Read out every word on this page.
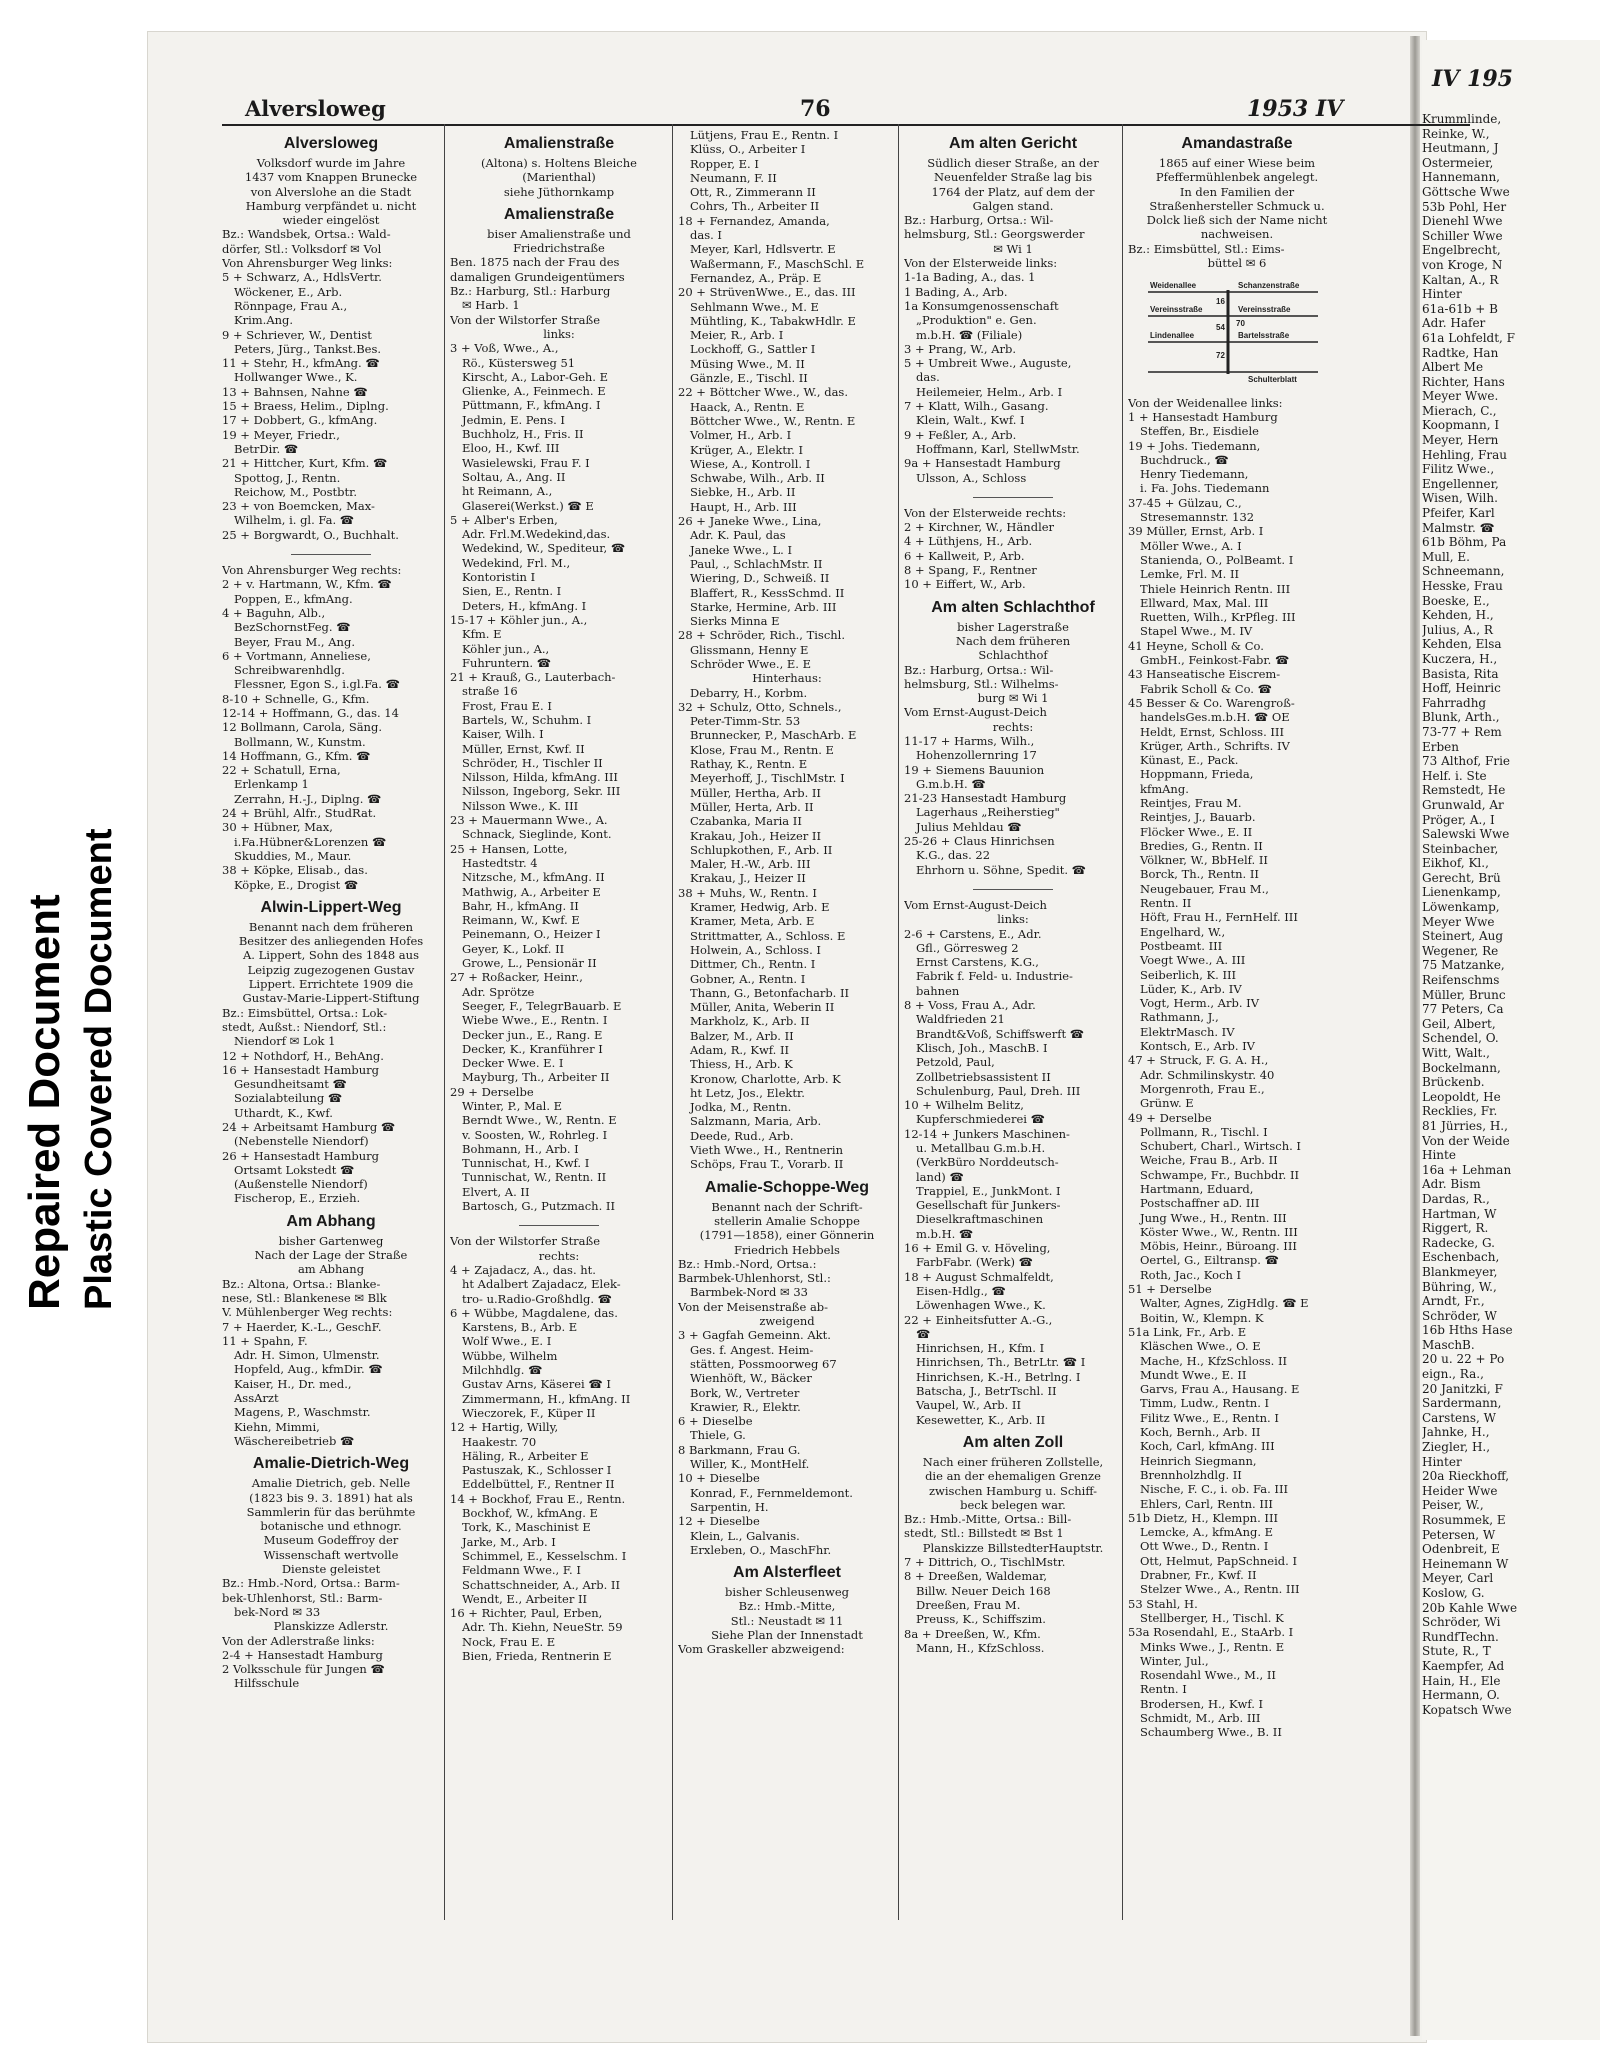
Repaired Document Plastic Covered Document
IV 195
Krummlinde,
Reinke, W.,
Heutmann, J
Ostermeier,
Hannemann,
Göttsche Wwe
53b Pohl, Her
Dienehl Wwe
Schiller Wwe
Engelbrecht,
von Kroge, N
Kaltan, A., R
Hinter
61a-61b + B
Adr. Hafer
61a Lohfeldt, F
Radtke, Han
Albert Me
Richter, Hans
Meyer Wwe.
Mierach, C.,
Koopmann, I
Meyer, Hern
Hehling, Frau
Filitz Wwe.,
Engellenner,
Wisen, Wilh.
Pfeifer, Karl
Malmstr. ☎
61b Böhm, Pa
Mull, E.
Schneemann,
Hesske, Frau
Boeske, E.,
Kehden, H.,
Julius, A., R
Kehden, Elsa
Kuczera, H.,
Basista, Rita
Hoff, Heinric
Fahrradhg
Blunk, Arth.,
73-77 + Rem
Erben
73 Althof, Frie
Helf. i. Ste
Remstedt, He
Grunwald, Ar
Pröger, A., I
Salewski Wwe
Steinbacher,
Eikhof, Kl.,
Gerecht, Brü
Lienenkamp,
Löwenkamp,
Meyer Wwe
Steinert, Aug
Wegener, Re
75 Matzanke,
Reifenschms
Müller, Brunc
77 Peters, Ca
Geil, Albert,
Schendel, O.
Witt, Walt.,
Bockelmann,
Brückenb.
Leopoldt, He
Recklies, Fr.
81 Jürries, H.,
Von der Weide
Hinte
16a + Lehman
Adr. Bism
Dardas, R.,
Hartman, W
Riggert, R.
Radecke, G.
Eschenbach,
Blankmeyer,
Bühring, W.,
Arndt, Fr.,
Schröder, W
16b Hths Hase
MaschB.
20 u. 22 + Po
eign., Ra.,
20 Janitzki, F
Sardermann,
Carstens, W
Jahnke, H.,
Ziegler, H.,
Hinter
20a Rieckhoff,
Heider Wwe
Peiser, W.,
Rosummek, E
Petersen, W
Odenbreit, E
Heinemann W
Meyer, Carl
Koslow, G.
20b Kahle Wwe
Schröder, Wi
RundfTechn.
Stute, R., T
Kaempfer, Ad
Hain, H., Ele
Hermann, O.
Kopatsch Wwe
Alversloweg	76	1953 IV
Alversloweg
Volksdorf wurde im Jahre
1437 vom Knappen Brunecke
von Alverslohe an die Stadt
Hamburg verpfändet u. nicht
wieder eingelöst
Bz.: Wandsbek, Ortsa.: Wald-
dörfer, Stl.: Volksdorf ✉ Vol
Von Ahrensburger Weg links:
5 + Schwarz, A., HdlsVertr.
Wöckener, E., Arb.
Rönnpage, Frau A.,
Krim.Ang.
9 + Schriever, W., Dentist
Peters, Jürg., Tankst.Bes.
11 + Stehr, H., kfmAng. ☎
Hollwanger Wwe., K.
13 + Bahnsen, Nahne ☎
15 + Braess, Helim., Diplng.
17 + Dobbert, G., kfmAng.
19 + Meyer, Friedr.,
BetrDir. ☎
21 + Hittcher, Kurt, Kfm. ☎
Spottog, J., Rentn.
Reichow, M., Postbtr.
23 + von Boemcken, Max-
Wilhelm, i. gl. Fa. ☎
25 + Borgwardt, O., Buchhalt.
Von Ahrensburger Weg rechts:
2 + v. Hartmann, W., Kfm. ☎
Poppen, E., kfmAng.
4 + Baguhn, Alb.,
BezSchornstFeg. ☎
Beyer, Frau M., Ang.
6 + Vortmann, Anneliese,
Schreibwarenhdlg.
Flessner, Egon S., i.gl.Fa. ☎
8-10 + Schnelle, G., Kfm.
12-14 + Hoffmann, G., das. 14
12 Bollmann, Carola, Säng.
Bollmann, W., Kunstm.
14 Hoffmann, G., Kfm. ☎
22 + Schatull, Erna,
Erlenkamp 1
Zerrahn, H.-J., Diplng. ☎
24 + Brühl, Alfr., StudRat.
30 + Hübner, Max,
i.Fa.Hübner&Lorenzen ☎
Skuddies, M., Maur.
38 + Köpke, Elisab., das.
Köpke, E., Drogist ☎
Alwin-Lippert-Weg
Benannt nach dem früheren
Besitzer des anliegenden Hofes
A. Lippert, Sohn des 1848 aus
Leipzig zugezogenen Gustav
Lippert. Errichtete 1909 die
Gustav-Marie-Lippert-Stiftung
Bz.: Eimsbüttel, Ortsa.: Lok-
stedt, Außst.: Niendorf, Stl.:
Niendorf ✉ Lok 1
12 + Nothdorf, H., BehAng.
16 + Hansestadt Hamburg
Gesundheitsamt ☎
Sozialabteilung ☎
Uthardt, K., Kwf.
24 + Arbeitsamt Hamburg ☎
(Nebenstelle Niendorf)
26 + Hansestadt Hamburg
Ortsamt Lokstedt ☎
(Außenstelle Niendorf)
Fischerop, E., Erzieh.
Am Abhang
bisher Gartenweg
Nach der Lage der Straße
am Abhang
Bz.: Altona, Ortsa.: Blanke-
nese, Stl.: Blankenese ✉ Blk
V. Mühlenberger Weg rechts:
7 + Haerder, K.-L., GeschF.
11 + Spahn, F.
Adr. H. Simon, Ulmenstr.
Hopfeld, Aug., kfmDir. ☎
Kaiser, H., Dr. med.,
AssArzt
Magens, P., Waschmstr.
Kiehn, Mimmi,
Wäschereibetrieb ☎
Amalie-Dietrich-Weg
Amalie Dietrich, geb. Nelle
(1823 bis 9. 3. 1891) hat als
Sammlerin für das berühmte
botanische und ethnogr.
Museum Godeffroy der
Wissenschaft wertvolle
Dienste geleistet
Bz.: Hmb.-Nord, Ortsa.: Barm-
bek-Uhlenhorst, Stl.: Barm-
bek-Nord ✉ 33
Planskizze Adlerstr.
Von der Adlerstraße links:
2-4 + Hansestadt Hamburg
2 Volksschule für Jungen ☎
Hilfsschule
Amalienstraße
(Altona) s. Holtens Bleiche
(Marienthal)
siehe Jüthornkamp
Amalienstraße
biser Amalienstraße und
Friedrichstraße
Ben. 1875 nach der Frau des
damaligen Grundeigentümers
Bz.: Harburg, Stl.: Harburg
✉ Harb. 1
Von der Wilstorfer Straße
links:
3 + Voß, Wwe., A.,
Rö., Küstersweg 51
Kirscht, A., Labor-Geh. E
Glienke, A., Feinmech. E
Püttmann, F., kfmAng. I
Jedmin, E. Pens. I
Buchholz, H., Fris. II
Eloo, H., Kwf. III
Wasielewski, Frau F. I
Soltau, A., Ang. II
ht Reimann, A.,
Glaserei(Werkst.) ☎ E
5 + Alber's Erben,
Adr. Frl.M.Wedekind,das.
Wedekind, W., Spediteur, ☎
Wedekind, Frl. M.,
Kontoristin I
Sien, E., Rentn. I
Deters, H., kfmAng. I
15-17 + Köhler jun., A.,
Kfm. E
Köhler jun., A.,
Fuhruntern. ☎
21 + Krauß, G., Lauterbach-
straße 16
Frost, Frau E. I
Bartels, W., Schuhm. I
Kaiser, Wilh. I
Müller, Ernst, Kwf. II
Schröder, H., Tischler II
Nilsson, Hilda, kfmAng. III
Nilsson, Ingeborg, Sekr. III
Nilsson Wwe., K. III
23 + Mauermann Wwe., A.
Schnack, Sieglinde, Kont.
25 + Hansen, Lotte,
Hastedtstr. 4
Nitzsche, M., kfmAng. II
Mathwig, A., Arbeiter E
Bahr, H., kfmAng. II
Reimann, W., Kwf. E
Peinemann, O., Heizer I
Geyer, K., Lokf. II
Growe, L., Pensionär II
27 + Roßacker, Heinr.,
Adr. Sprötze
Seeger, F., TelegrBauarb. E
Wiebe Wwe., E., Rentn. I
Decker jun., E., Rang. E
Decker, K., Kranführer I
Decker Wwe. E. I
Mayburg, Th., Arbeiter II
29 + Derselbe
Winter, P., Mal. E
Berndt Wwe., W., Rentn. E
v. Soosten, W., Rohrleg. I
Bohmann, H., Arb. I
Tunnischat, H., Kwf. I
Tunnischat, W., Rentn. II
Elvert, A. II
Bartosch, G., Putzmach. II
Von der Wilstorfer Straße
rechts:
4 + Zajadacz, A., das. ht.
ht Adalbert Zajadacz, Elek-
tro- u.Radio-Großhdlg. ☎
6 + Wübbe, Magdalene, das.
Karstens, B., Arb. E
Wolf Wwe., E. I
Wübbe, Wilhelm
Milchhdlg. ☎
Gustav Arns, Käserei ☎ I
Zimmermann, H., kfmAng. II
Wieczorek, F., Küper II
12 + Hartig, Willy,
Haakestr. 70
Häling, R., Arbeiter E
Pastuszak, K., Schlosser I
Eddelbüttel, F., Rentner II
14 + Bockhof, Frau E., Rentn.
Bockhof, W., kfmAng. E
Tork, K., Maschinist E
Jarke, M., Arb. I
Schimmel, E., Kesselschm. I
Feldmann Wwe., F. I
Schattschneider, A., Arb. II
Wendt, E., Arbeiter II
16 + Richter, Paul, Erben,
Adr. Th. Kiehn, NeueStr. 59
Nock, Frau E. E
Bien, Frieda, Rentnerin E
Lütjens, Frau E., Rentn. I
Klüss, O., Arbeiter I
Ropper, E. I
Neumann, F. II
Ott, R., Zimmerann II
Cohrs, Th., Arbeiter II
18 + Fernandez, Amanda,
das. I
Meyer, Karl, Hdlsvertr. E
Waßermann, F., MaschSchl. E
Fernandez, A., Präp. E
20 + StrüvenWwe., E., das. III
Sehlmann Wwe., M. E
Mühtling, K., TabakwHdlr. E
Meier, R., Arb. I
Lockhoff, G., Sattler I
Müsing Wwe., M. II
Gänzle, E., Tischl. II
22 + Böttcher Wwe., W., das.
Haack, A., Rentn. E
Böttcher Wwe., W., Rentn. E
Volmer, H., Arb. I
Krüger, A., Elektr. I
Wiese, A., Kontroll. I
Schwabe, Wilh., Arb. II
Siebke, H., Arb. II
Haupt, H., Arb. III
26 + Janeke Wwe., Lina,
Adr. K. Paul, das
Janeke Wwe., L. I
Paul, ., SchlachMstr. II
Wiering, D., Schweiß. II
Blaffert, R., KessSchmd. II
Starke, Hermine, Arb. III
Sierks Minna E
28 + Schröder, Rich., Tischl.
Glissmann, Henny E
Schröder Wwe., E. E
Hinterhaus:
Debarry, H., Korbm.
32 + Schulz, Otto, Schnels.,
Peter-Timm-Str. 53
Brunnecker, P., MaschArb. E
Klose, Frau M., Rentn. E
Rathay, K., Rentn. E
Meyerhoff, J., TischlMstr. I
Müller, Hertha, Arb. II
Müller, Herta, Arb. II
Czabanka, Maria II
Krakau, Joh., Heizer II
Schlupkothen, F., Arb. II
Maler, H.-W., Arb. III
Krakau, J., Heizer II
38 + Muhs, W., Rentn. I
Kramer, Hedwig, Arb. E
Kramer, Meta, Arb. E
Strittmatter, A., Schloss. E
Holwein, A., Schloss. I
Dittmer, Ch., Rentn. I
Gobner, A., Rentn. I
Thann, G., Betonfacharb. II
Müller, Anita, Weberin II
Markholz, K., Arb. II
Balzer, M., Arb. II
Adam, R., Kwf. II
Thiess, H., Arb. K
Kronow, Charlotte, Arb. K
ht Letz, Jos., Elektr.
Jodka, M., Rentn.
Salzmann, Maria, Arb.
Deede, Rud., Arb.
Vieth Wwe., H., Rentnerin
Schöps, Frau T., Vorarb. II
Amalie-Schoppe-Weg
Benannt nach der Schrift-
stellerin Amalie Schoppe
(1791—1858), einer Gönnerin
Friedrich Hebbels
Bz.: Hmb.-Nord, Ortsa.:
Barmbek-Uhlenhorst, Stl.:
Barmbek-Nord ✉ 33
Von der Meisenstraße ab-
zweigend
3 + Gagfah Gemeinn. Akt.
Ges. f. Angest. Heim-
stätten, Possmoorweg 67
Wienhöft, W., Bäcker
Bork, W., Vertreter
Krawier, R., Elektr.
6 + Dieselbe
Thiele, G.
8 Barkmann, Frau G.
Willer, K., MontHelf.
10 + Dieselbe
Konrad, F., Fernmeldemont.
Sarpentin, H.
12 + Dieselbe
Klein, L., Galvanis.
Erxleben, O., MaschFhr.
Am Alsterfleet
bisher Schleusenweg
Bz.: Hmb.-Mitte,
Stl.: Neustadt ✉ 11
Siehe Plan der Innenstadt
Vom Graskeller abzweigend:
Am alten Gericht
Südlich dieser Straße, an der
Neuenfelder Straße lag bis
1764 der Platz, auf dem der
Galgen stand.
Bz.: Harburg, Ortsa.: Wil-
helmsburg, Stl.: Georgswerder
✉ Wi 1
Von der Elsterweide links:
1-1a Bading, A., das. 1
1 Bading, A., Arb.
1a Konsumgenossenschaft
„Produktion" e. Gen.
m.b.H. ☎ (Filiale)
3 + Prang, W., Arb.
5 + Umbreit Wwe., Auguste,
das.
Heilemeier, Helm., Arb. I
7 + Klatt, Wilh., Gasang.
Klein, Walt., Kwf. I
9 + Feßler, A., Arb.
Hoffmann, Karl, StellwMstr.
9a + Hansestadt Hamburg
Ulsson, A., Schloss
Von der Elsterweide rechts:
2 + Kirchner, W., Händler
4 + Lüthjens, H., Arb.
6 + Kallweit, P., Arb.
8 + Spang, F., Rentner
10 + Eiffert, W., Arb.
Am alten Schlachthof
bisher Lagerstraße
Nach dem früheren
Schlachthof
Bz.: Harburg, Ortsa.: Wil-
helmsburg, Stl.: Wilhelms-
burg ✉ Wi 1
Vom Ernst-August-Deich
rechts:
11-17 + Harms, Wilh.,
Hohenzollernring 17
19 + Siemens Bauunion
G.m.b.H. ☎
21-23 Hansestadt Hamburg
Lagerhaus „Reiherstieg"
Julius Mehldau ☎
25-26 + Claus Hinrichsen
K.G., das. 22
Ehrhorn u. Söhne, Spedit. ☎
Vom Ernst-August-Deich
links:
2-6 + Carstens, E., Adr.
Gfl., Görresweg 2
Ernst Carstens, K.G.,
Fabrik f. Feld- u. Industrie-
bahnen
8 + Voss, Frau A., Adr.
Waldfrieden 21
Brandt&Voß, Schiffswerft ☎
Klisch, Joh., MaschB. I
Petzold, Paul,
Zollbetriebsassistent II
Schulenburg, Paul, Dreh. III
10 + Wilhelm Belitz,
Kupferschmiederei ☎
12-14 + Junkers Maschinen-
u. Metallbau G.m.b.H.
(VerkBüro Norddeutsch-
land) ☎
Trappiel, E., JunkMont. I
Gesellschaft für Junkers-
Dieselkraftmaschinen
m.b.H. ☎
16 + Emil G. v. Höveling,
FarbFabr. (Werk) ☎
18 + August Schmalfeldt,
Eisen-Hdlg., ☎
Löwenhagen Wwe., K.
22 + Einheitsfutter A.-G.,
☎
Hinrichsen, H., Kfm. I
Hinrichsen, Th., BetrLtr. ☎ I
Hinrichsen, K.-H., Betrlng. I
Batscha, J., BetrTschl. II
Vaupel, W., Arb. II
Kesewetter, K., Arb. II
Am alten Zoll
Nach einer früheren Zollstelle,
die an der ehemaligen Grenze
zwischen Hamburg u. Schiff-
beck belegen war.
Bz.: Hmb.-Mitte, Ortsa.: Bill-
stedt, Stl.: Billstedt ✉ Bst 1
Planskizze BillstedterHauptstr.
7 + Dittrich, O., TischlMstr.
8 + Dreeßen, Waldemar,
Billw. Neuer Deich 168
Dreeßen, Frau M.
Preuss, K., Schiffszim.
8a + Dreeßen, W., Kfm.
Mann, H., KfzSchloss.
Amandastraße
1865 auf einer Wiese beim
Pfeffermühlenbek angelegt.
In den Familien der
Straßenhersteller Schmuck u.
Dolck ließ sich der Name nicht
nachweisen.
Bz.: Eimsbüttel, Stl.: Eims-
büttel ✉ 6
Weidenallee	Schanzenstraße
Vereinsstraße	Vereinsstraße
Lindenallee	Bartelsstraße
Schulterblatt
16
54 70
72
Von der Weidenallee links:
1 + Hansestadt Hamburg
Steffen, Br., Eisdiele
19 + Johs. Tiedemann,
Buchdruck., ☎
Henry Tiedemann,
i. Fa. Johs. Tiedemann
37-45 + Gülzau, C.,
Stresemannstr. 132
39 Müller, Ernst, Arb. I
Möller Wwe., A. I
Stanienda, O., PolBeamt. I
Lemke, Frl. M. II
Thiele Heinrich Rentn. III
Ellward, Max, Mal. III
Ruetten, Wilh., KrPfleg. III
Stapel Wwe., M. IV
41 Heyne, Scholl & Co.
GmbH., Feinkost-Fabr. ☎
43 Hanseatische Eiscrem-
Fabrik Scholl & Co. ☎
45 Besser & Co. Warengroß-
handelsGes.m.b.H. ☎ OE
Heldt, Ernst, Schloss. III
Krüger, Arth., Schrifts. IV
Künast, E., Pack.
Hoppmann, Frieda,
kfmAng.
Reintjes, Frau M.
Reintjes, J., Bauarb.
Flöcker Wwe., E. II
Bredies, G., Rentn. II
Völkner, W., BbHelf. II
Borck, Th., Rentn. II
Neugebauer, Frau M.,
Rentn. II
Höft, Frau H., FernHelf. III
Engelhard, W.,
Postbeamt. III
Voegt Wwe., A. III
Seiberlich, K. III
Lüder, K., Arb. IV
Vogt, Herm., Arb. IV
Rathmann, J.,
ElektrMasch. IV
Kontsch, E., Arb. IV
47 + Struck, F. G. A. H.,
Adr. Schmilinskystr. 40
Morgenroth, Frau E.,
Grünw. E
49 + Derselbe
Pollmann, R., Tischl. I
Schubert, Charl., Wirtsch. I
Weiche, Frau B., Arb. II
Schwampe, Fr., Buchbdr. II
Hartmann, Eduard,
Postschaffner aD. III
Jung Wwe., H., Rentn. III
Köster Wwe., W., Rentn. III
Möbis, Heinr., Büroang. III
Oertel, G., Eiltransp. ☎
Roth, Jac., Koch I
51 + Derselbe
Walter, Agnes, ZigHdlg. ☎ E
Boitin, W., Klempn. K
51a Link, Fr., Arb. E
Kläschen Wwe., O. E
Mache, H., KfzSchloss. II
Mundt Wwe., E. II
Garvs, Frau A., Hausang. E
Timm, Ludw., Rentn. I
Filitz Wwe., E., Rentn. I
Koch, Bernh., Arb. II
Koch, Carl, kfmAng. III
Heinrich Siegmann,
Brennholzhdlg. II
Nische, F. C., i. ob. Fa. III
Ehlers, Carl, Rentn. III
51b Dietz, H., Klempn. III
Lemcke, A., kfmAng. E
Ott Wwe., D., Rentn. I
Ott, Helmut, PapSchneid. I
Drabner, Fr., Kwf. II
Stelzer Wwe., A., Rentn. III
53 Stahl, H.
Stellberger, H., Tischl. K
53a Rosendahl, E., StaArb. I
Minks Wwe., J., Rentn. E
Winter, Jul.,
Rosendahl Wwe., M., II
Rentn. I
Brodersen, H., Kwf. I
Schmidt, M., Arb. III
Schaumberg Wwe., B. II
